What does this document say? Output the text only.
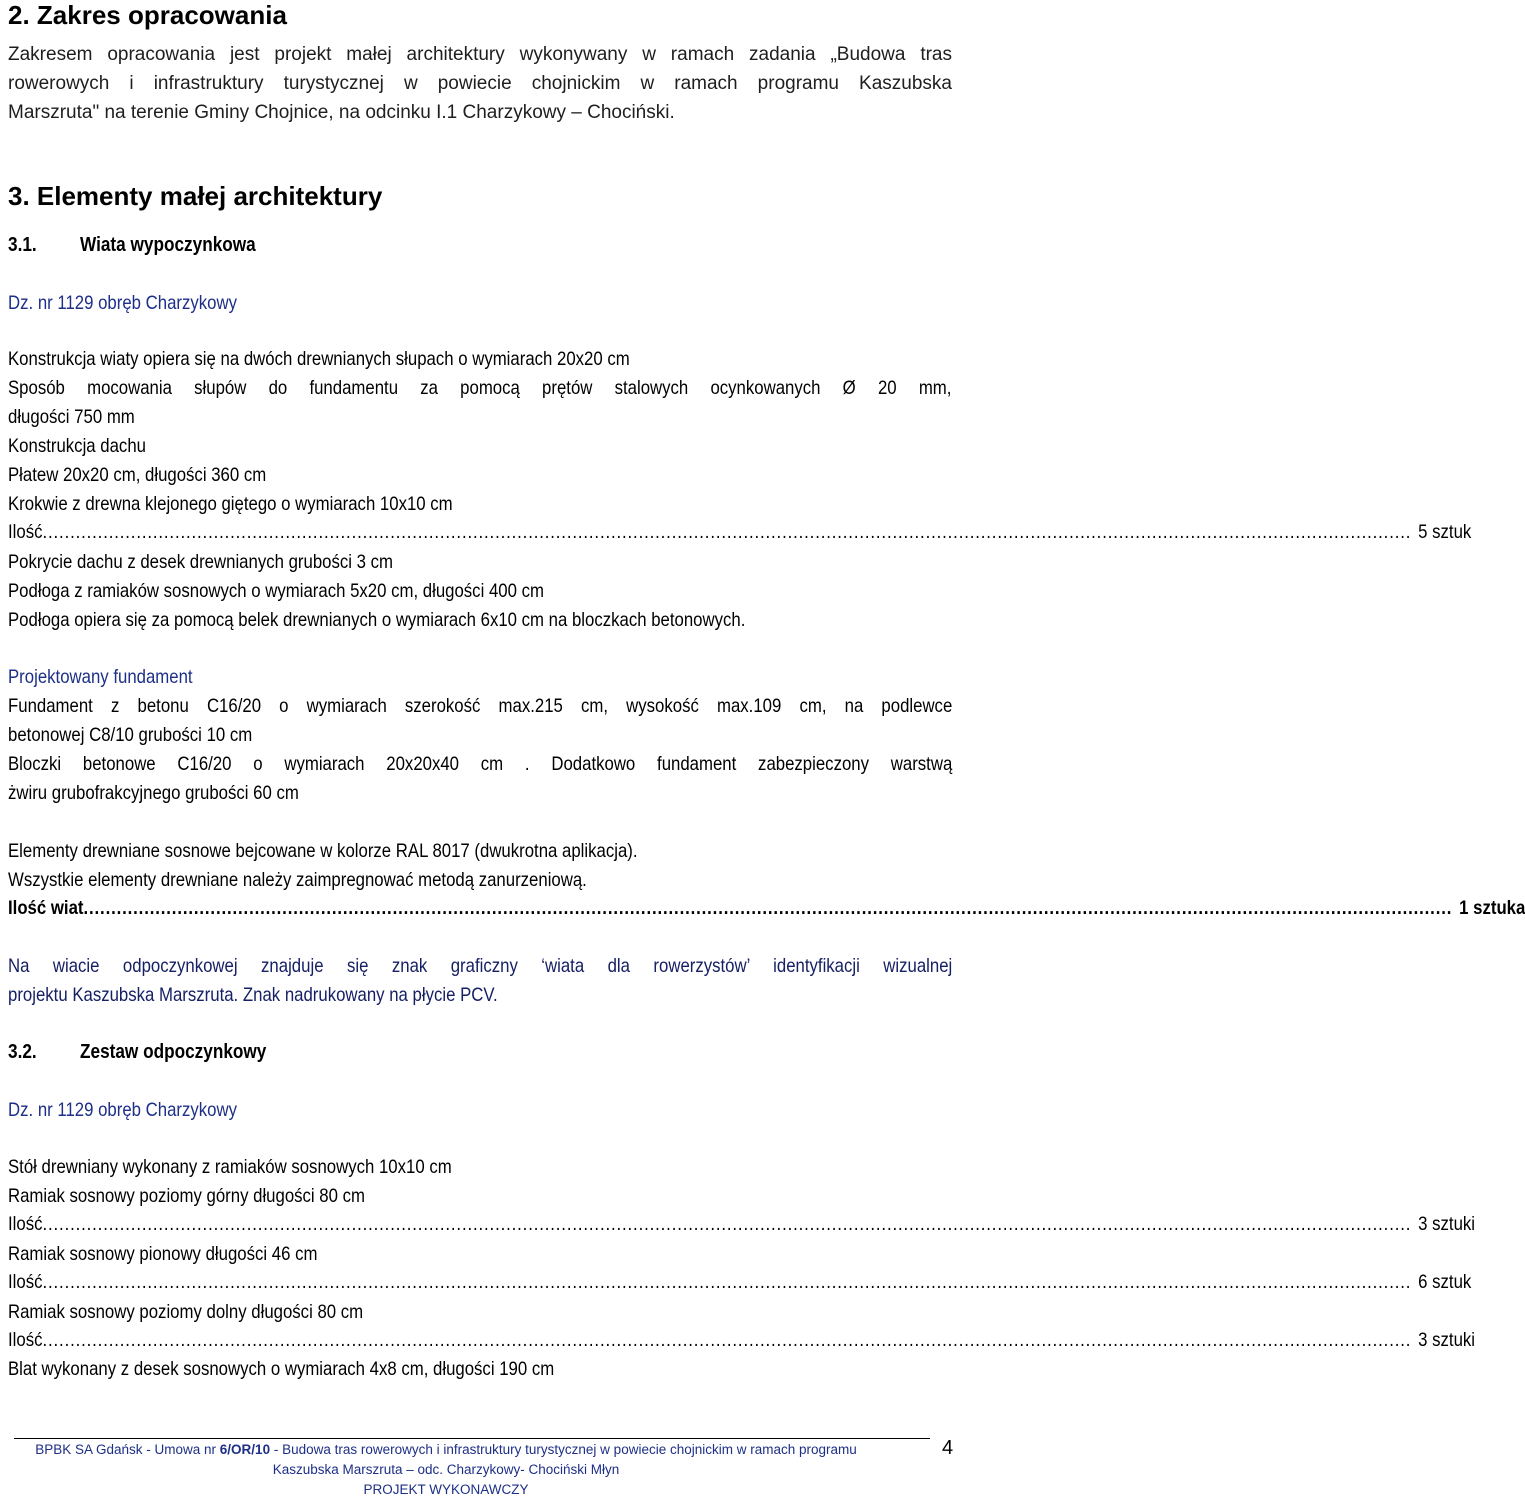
2. Zakres opracowania
Zakresem opracowania jest projekt małej architektury wykonywany w ramach zadania „Budowa tras
rowerowych i infrastruktury turystycznej w powiecie chojnickim w ramach programu Kaszubska
Marszruta" na terenie Gminy Chojnice, na odcinku I.1 Charzykowy – Chociński.
3. Elementy małej architektury
3.1. Wiata wypoczynkowa
Dz. nr 1129 obręb Charzykowy
Konstrukcja wiaty opiera się na dwóch drewnianych słupach o wymiarach 20x20 cm
Sposób mocowania słupów do fundamentu za pomocą prętów stalowych ocynkowanych Ø 20 mm,
długości 750 mm
Konstrukcja dachu
Płatew 20x20 cm, długości 360 cm
Krokwie z drewna klejonego giętego o wymiarach 10x10 cm
Ilość ........................................................................................................................................................................................................................................................ 5 sztuk
Pokrycie dachu z desek drewnianych grubości 3 cm
Podłoga z ramiaków sosnowych o wymiarach 5x20 cm, długości 400 cm
Podłoga opiera się za pomocą belek drewnianych o wymiarach 6x10 cm na bloczkach betonowych.
Projektowany fundament
Fundament z betonu C16/20 o wymiarach szerokość max.215 cm, wysokość max.109 cm, na podlewce
betonowej C8/10 grubości 10 cm
Bloczki betonowe C16/20 o wymiarach 20x20x40 cm . Dodatkowo fundament zabezpieczony warstwą
żwiru grubofrakcyjnego grubości 60 cm
Elementy drewniane sosnowe bejcowane w kolorze RAL 8017 (dwukrotna aplikacja).
Wszystkie elementy drewniane należy zaimpregnować metodą zanurzeniową.
Ilość wiat ........................................................................................................................................................................................................................................................ 1 sztuka
Na wiacie odpoczynkowej znajduje się znak graficzny ‘wiata dla rowerzystów’ identyfikacji wizualnej
projektu Kaszubska Marszruta. Znak nadrukowany na płycie PCV.
3.2. Zestaw odpoczynkowy
Dz. nr 1129 obręb Charzykowy
Stół drewniany wykonany z ramiaków sosnowych 10x10 cm
Ramiak sosnowy poziomy górny długości 80 cm
Ilość ........................................................................................................................................................................................................................................................ 3 sztuki
Ramiak sosnowy pionowy długości 46 cm
Ilość ........................................................................................................................................................................................................................................................ 6 sztuk
Ramiak sosnowy poziomy dolny długości 80 cm
Ilość ........................................................................................................................................................................................................................................................ 3 sztuki
Blat wykonany z desek sosnowych o wymiarach 4x8 cm, długości 190 cm
BPBK SA Gdańsk - Umowa nr 6/OR/10 - Budowa tras rowerowych i infrastruktury turystycznej w powiecie chojnickim w ramach programu
Kaszubska Marszruta – odc. Charzykowy- Chociński Młyn
PROJEKT WYKONAWCZY
4
